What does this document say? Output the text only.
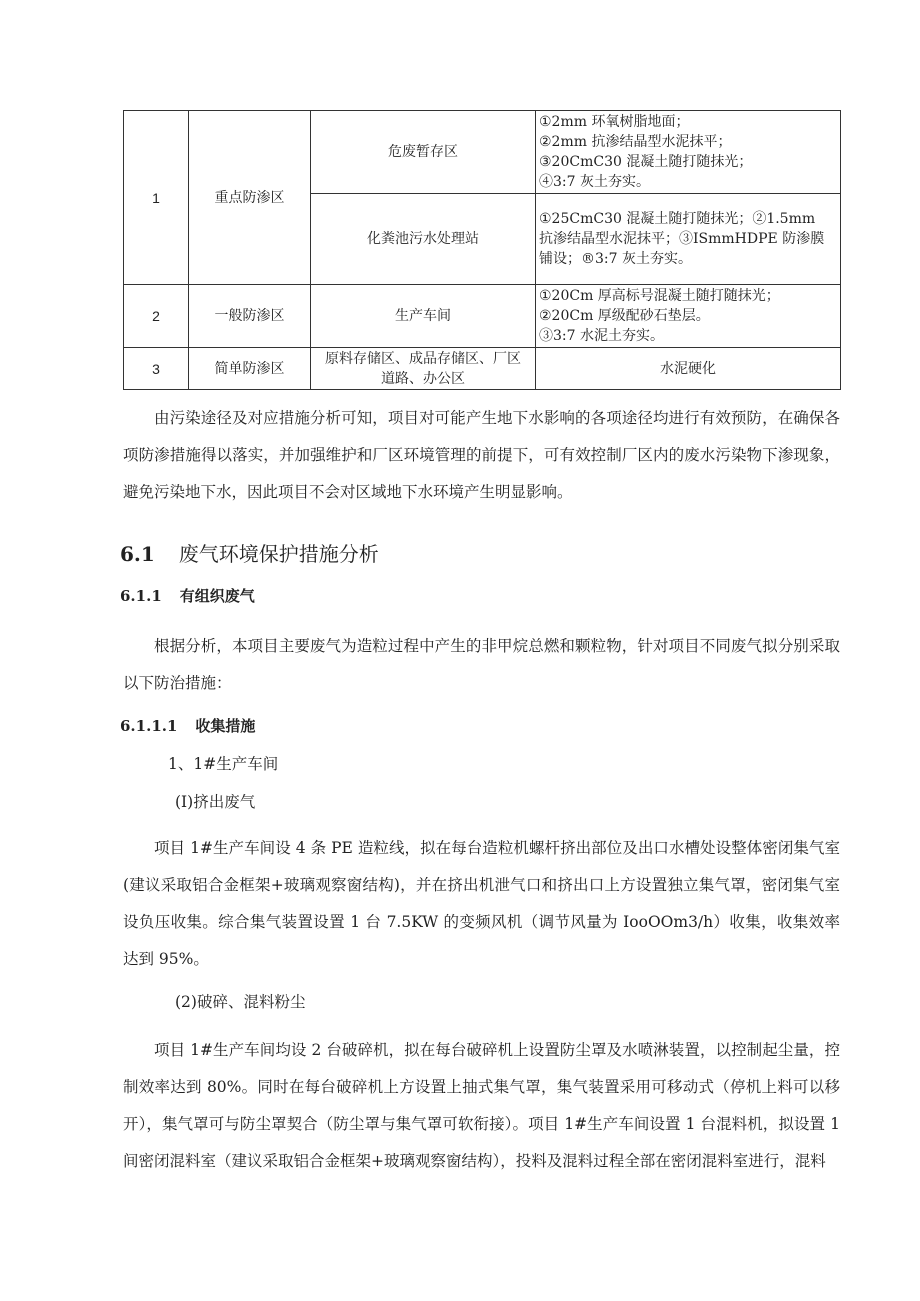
1	重点防渗区	危废暂存区	①2mm 环氧树脂地面；
②2mm 抗渗结晶型水泥抹平；
③20CmC30 混凝土随打随抹光；
④3:7 灰土夯实。

		化粪池污水处理站	①25CmC30 混凝土随打随抹光；②1.5mm
抗渗结晶型水泥抹平；③ISmmHDPE 防渗膜
铺设；®3:7 灰土夯实。

2	一般防渗区	生产车间	①20Cm 厚高标号混凝土随打随抹光；
②20Cm 厚级配砂石垫层。
③3:7 水泥土夯实。

3	简单防渗区	原料存储区、成品存储区、厂区
道路、办公区	水泥硬化

由污染途径及对应措施分析可知，项目对可能产生地下水影响的各项途径均进行有效预防，在确保各项防渗措施得以落实，并加强维护和厂区环境管理的前提下，可有效控制厂区内的废水污染物下渗现象，避免污染地下水，因此项目不会对区域地下水环境产生明显影响。

6.1 废气环境保护措施分析
6.1.1 有组织废气

根据分析，本项目主要废气为造粒过程中产生的非甲烷总燃和颗粒物，针对项目不同废气拟分别采取以下防治措施：

6.1.1.1 收集措施

1、1#生产车间

(I)挤出废气

项目 1#生产车间设 4 条 PE 造粒线，拟在每台造粒机螺杆挤出部位及出口水槽处设整体密闭集气室(建议采取铝合金框架+玻璃观察窗结构)，并在挤出机泄气口和挤出口上方设置独立集气罩，密闭集气室设负压收集。综合集气装置设置 1 台 7.5KW 的变频风机（调节风量为 IooOOm3∕h）收集，收集效率达到 95%。

(2)破碎、混料粉尘

项目 1#生产车间均设 2 台破碎机，拟在每台破碎机上设置防尘罩及水喷淋装置，以控制起尘量，控制效率达到 80%。同时在每台破碎机上方设置上抽式集气罩，集气装置采用可移动式（停机上料可以移开），集气罩可与防尘罩契合（防尘罩与集气罩可软衔接）。项目 1#生产车间设置 1 台混料机，拟设置 1 间密闭混料室（建议采取铝合金框架+玻璃观察窗结构），投料及混料过程全部在密闭混料室进行，混料
